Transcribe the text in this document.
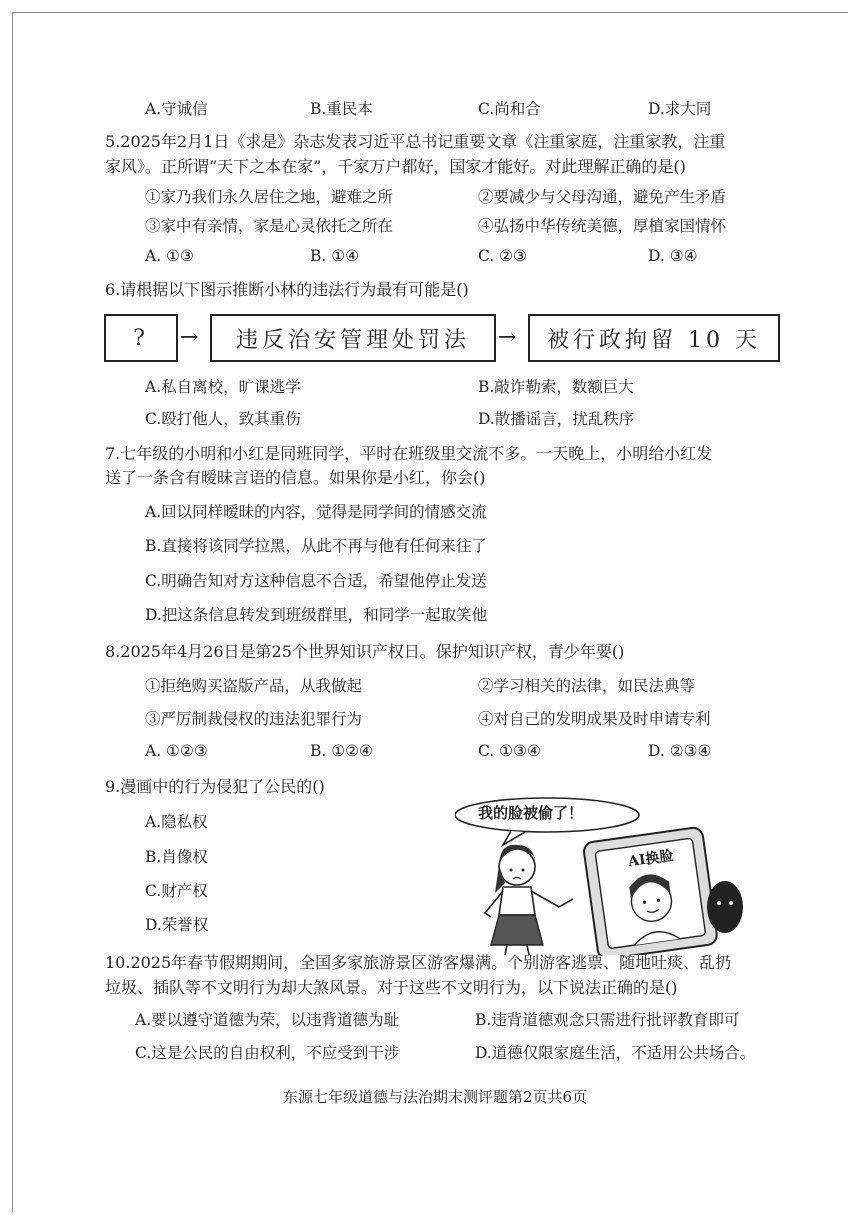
A.守诚信	B.重民本	C.尚和合	D.求大同
5.2025年2月1日《求是》杂志发表习近平总书记重要文章《注重家庭，注重家教，注重
家风》。正所谓“天下之本在家”，千家万户都好，国家才能好。对此理解正确的是()
①家乃我们永久居住之地，避难之所	②要减少与父母沟通，避免产生矛盾
③家中有亲情，家是心灵依托之所在	④弘扬中华传统美德，厚植家国情怀
A. ①③	B. ①④	C. ②③	D. ③④
6.请根据以下图示推断小林的违法行为最有可能是()
?	→	违反治安管理处罚法	→	被行政拘留 10 天
A.私自离校，旷课逃学	B.敲诈勒索，数额巨大
C.殴打他人，致其重伤	D.散播谣言，扰乱秩序
7.七年级的小明和小红是同班同学，平时在班级里交流不多。一天晚上，小明给小红发
送了一条含有暧昧言语的信息。如果你是小红，你会()
A.回以同样暧昧的内容，觉得是同学间的情感交流
B.直接将该同学拉黑，从此不再与他有任何来往了
C.明确告知对方这种信息不合适，希望他停止发送
D.把这条信息转发到班级群里，和同学一起取笑他
8.2025年4月26日是第25个世界知识产权日。保护知识产权，青少年要()
①拒绝购买盗版产品，从我做起	②学习相关的法律，如民法典等
③严厉制裁侵权的违法犯罪行为	④对自己的发明成果及时申请专利
A. ①②③	B. ①②④	C. ①③④	D. ②③④
9.漫画中的行为侵犯了公民的()
A.隐私权
B.肖像权
C.财产权
D.荣誉权
我的脸被偷了！
AI换脸
10.2025年春节假期期间，全国多家旅游景区游客爆满。个别游客逃票、随地吐痰、乱扔
垃圾、插队等不文明行为却大煞风景。对于这些不文明行为，以下说法正确的是()
A.要以遵守道德为荣，以违背道德为耻	B.违背道德观念只需进行批评教育即可
C.这是公民的自由权利，不应受到干涉	D.道德仅限家庭生活，不适用公共场合。
东源七年级道德与法治期末测评题第2页共6页
